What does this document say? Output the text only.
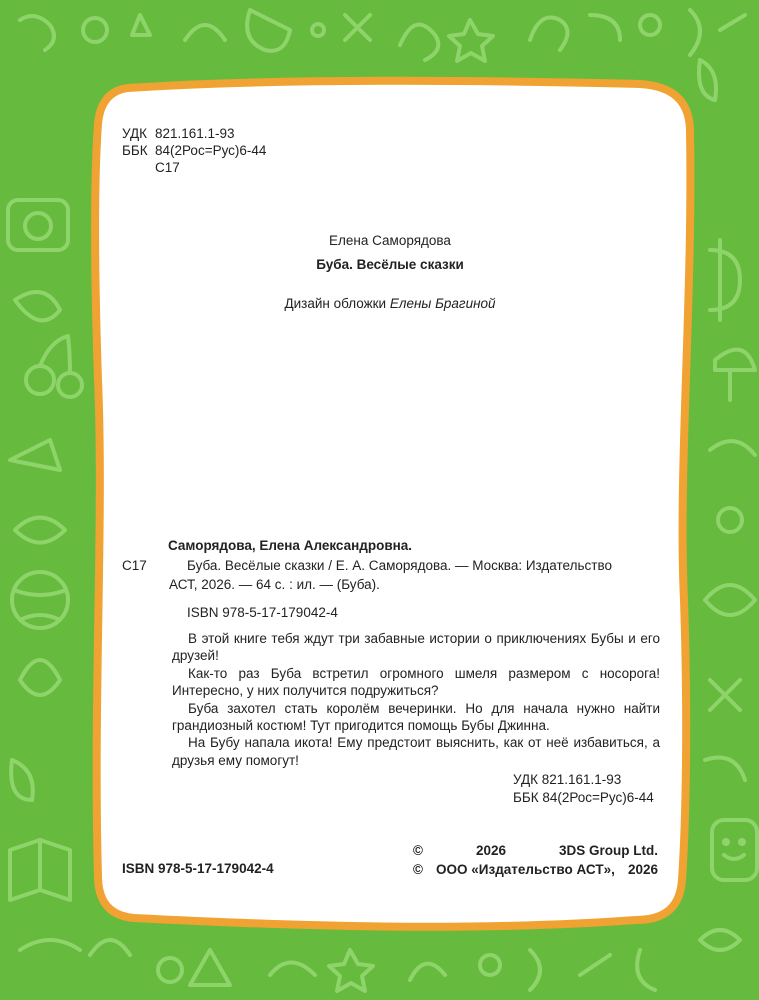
УДК 821.161.1-93
ББК 84(2Рос=Рус)6-44
С17
Елена Саморядова
Буба. Весёлые сказки
Дизайн обложки Елены Брагиной
Саморядова, Елена Александровна.
С17	Буба. Весёлые сказки / Е. А. Саморядова. — Москва: Издательство
АСТ, 2026. — 64 с. : ил. — (Буба).
ISBN 978-5-17-179042-4

В этой книге тебя ждут три забавные истории о приключениях Бубы и его друзей!

Как-то раз Буба встретил огромного шмеля размером с носорога! Интересно, у них получится подружиться?

Буба захотел стать королём вечеринки. Но для начала нужно найти грандиозный костюм! Тут пригодится помощь Бубы Джинна.

На Бубу напала икота! Ему предстоит выяснить, как от неё избавиться, а друзья ему помогут!

УДК 821.161.1-93
ББК 84(2Рос=Рус)6-44
ISBN 978-5-17-179042-4
©	2026	3DS Group Ltd.
© ООО «Издательство АСТ», 2026
